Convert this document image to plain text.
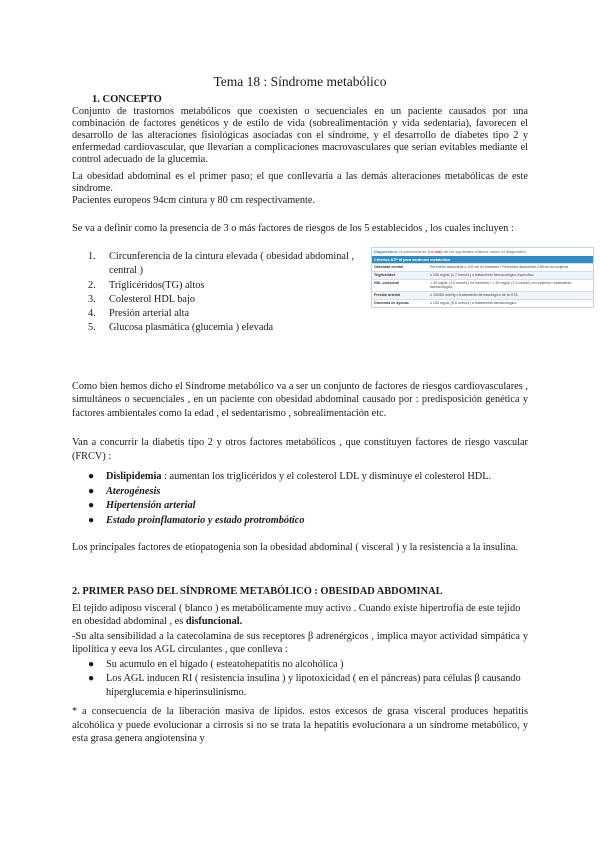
Tema 18 : Síndrome metabólico
1. CONCEPTO
Conjunto de trastornos metabólicos que coexisten o secuenciales en un paciente causados por una combinación de factores genéticos y de estilo de vida (sobrealimentación y vida sedentaria), favorecen el desarrollo de las alteraciones fisiológicas asociadas con el síndrome, y el desarrollo de diabetes tipo 2 y enfermedad cardiovascular, que llevarían a complicaciones macrovasculares que serían evitables mediante el control adecuado de la glucemia.
La obesidad abdominal es el primer paso; el que conllevaría a las demás alteraciones metabólicas de este síndrome.
Pacientes europeos 94cm cintura y 80 cm respectivamente.
Se va a definir como la presencia de 3 o más factores de riesgos de los 5 establecidos , los cuales incluyen :
1. Circunferencia de la cintura elevada ( obesidad abdominal , central )
2. Triglicéridos(TG) altos
3. Colesterol HDL bajo
4. Presión arterial alta
5. Glucosa plasmática (glucemia ) elevada
Diagnóstico: la presencia de 3 o más de los siguientes criterios hacen el diagnóstico
Criterios ATP III para síndrome metabólico	
Obesidad central	Perímetro abdominal ≥ 102 cm en hombres ▪ Perímetro abdominal ≥ 88 cm en mujeres
Triglicéridos	≥ 150 mg/dL (1,7 mmol/L) o tratamiento farmacológico específico
HDL colesterol	< 40 mg/dL (1,0 mmol/L) en hombres ▪ < 50 mg/dL (1,3 mmol/L) en mujeres ▪ tratamiento farmacológico
Presión arterial	≥ 130/85 mmHg o tratamiento farmacológico de la HTA
Glucemia en ayunas	≥ 100 mg/dL (5,6 mmol/L) o tratamiento farmacológico
Como bien hemos dicho el Síndrome metabólico va a ser un conjunto de factores de riesgos cardiovasculares , simultáneos o secuenciales , en un paciente con obesidad abdominal causado por : predisposición genética y factores ambientales como la edad , el sedentarismo , sobrealimentación etc.
Van a concurrir la diabetis tipo 2 y otros factores metabólicos , que constituyen factores de riesgo vascular (FRCV) :
● Dislipidemia : aumentan los triglicéridos y el colesterol LDL y disminuye el colesterol HDL.
● Aterogénesis
● Hipertensión arterial
● Estado proinflamatorio y estado protrombótico
Los principales factores de etiopatogenia son la obesidad abdominal ( visceral ) y la resistencia a la insulina.
2. PRIMER PASO DEL SÍNDROME METABÓLICO : OBESIDAD ABDOMINAL
El tejido adiposo visceral ( blanco ) es metabólicamente muy activo . Cuando existe hipertrofia de este tejido en obesidad abdominal , es disfuncional.
-Su alta sensibilidad a la catecolamina de sus receptores β adrenérgicos , implica mayor actividad simpática y lipolítica y eeva los AGL circulantes , que conlleva :
● Su acumulo en el hígado ( esteatohepatitis no alcohólica )
● Los AGL inducen RI ( resistencia insulina ) y lipotoxicidad ( en el páncreas) para células β causando hiperglucemia e hiperinsulinismo.
* a consecuencia de la liberación masiva de lípidos. estos excesos de grasa visceral produces hepatitis alcohólica y puede evolucionar a cirrosis si no se trata la hepatitis evolucionara a un síndrome metabólico, y esta grasa genera angiotensina y
